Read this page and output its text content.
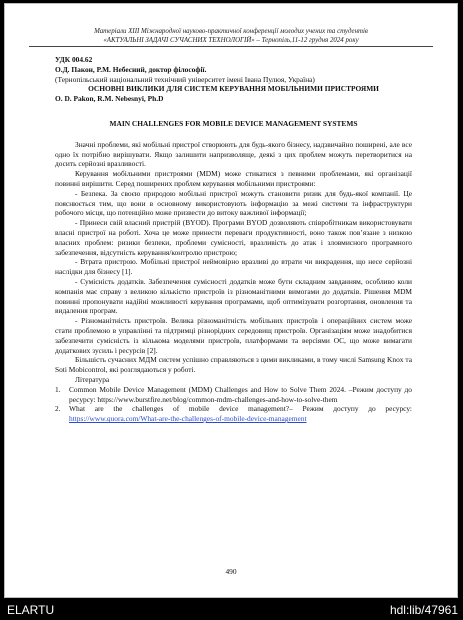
Матеріали XIII Міжнародної науково-практичної конференції молодих учених та студентів
«АКТУАЛЬНІ ЗАДАЧІ СУЧАСНИХ ТЕХНОЛОГІЙ» – Тернопіль,11-12 грудня 2024 року

УДК 004.62

О.Д. Пакон, Р.М. Небесний, доктор філософії.

(Тернопільський національний технічний університет імені Івана Пулюя, Україна)

ОСНОВНІ ВИКЛИКИ ДЛЯ СИСТЕМ КЕРУВАННЯ МОБІЛЬНИМИ ПРИСТРОЯМИ

O. D. Pakon, R.M. Nebesnyi, Ph.D

MAIN CHALLENGES FOR MOBILE DEVICE MANAGEMENT SYSTEMS

Значні проблеми, які мобільні пристрої створюють для будь-якого бізнесу, надзвичайно поширені, але все одно їх потрібно вирішувати. Якщо залишити напризволяще, деякі з цих проблем можуть перетворитися на досить серйозні вразливості.

Керування мобільними пристроями (MDM) може стикатися з певними проблемами, які організації повинні вирішити. Серед поширених проблем керування мобільними пристроями:

- Безпека. За своєю природою мобільні пристрої можуть становити ризик для будь-якої компанії. Це пояснюється тим, що вони в основному використовують інформацію за межі системи та інфраструктури робочого місця, що потенційно може призвести до витоку важливої інформації;

- Принеси свій власний пристрій (BYOD). Програми BYOD дозволяють співробітникам використовувати власні пристрої на роботі. Хоча це може принести переваги продуктивності, воно також пов’язане з низкою власних проблем: ризики безпеки, проблеми сумісності, вразливість до атак і зловмисного програмного забезпечення, відсутність керування/контролю пристрою;

- Втрата пристрою. Мобільні пристрої неймовірно вразливі до втрати чи викрадення, що несе серйозні наслідки для бізнесу [1].

- Сумісність додатків. Забезпечення сумісності додатків може бути складним завданням, особливо коли компанія має справу з великою кількістю пристроїв із різноманітними вимогами до додатків. Рішення MDM повинні пропонувати надійні можливості керування програмами, щоб оптимізувати розгортання, оновлення та видалення програм.

- Різноманітність пристроїв. Велика різноманітність мобільних пристроїв і операційних систем може стати проблемою в управлінні та підтримці різнорідних середовищ пристроїв. Організаціям може знадобитися забезпечити сумісність із кількома моделями пристроїв, платформами та версіями ОС, що може вимагати додаткових зусиль і ресурсів [2].

Більшість сучасних МДМ систем успішно справляються з цими викликами, в тому числі Samsung Knox та Soti Mobicontrol, які розглядаються у роботі.

Література

1.	Common Mobile Device Management (MDM) Challenges and How to Solve Them 2024. –Режим доступу до ресурсу: https://www.burstfire.net/blog/common-mdm-challenges-and-how-to-solve-them
2.	What are the challenges of mobile device management?– Режим доступу до ресурсу: https://www.quora.com/What-are-the-challenges-of-mobile-device-management
490
ELARTU	hdl:lib/47961
